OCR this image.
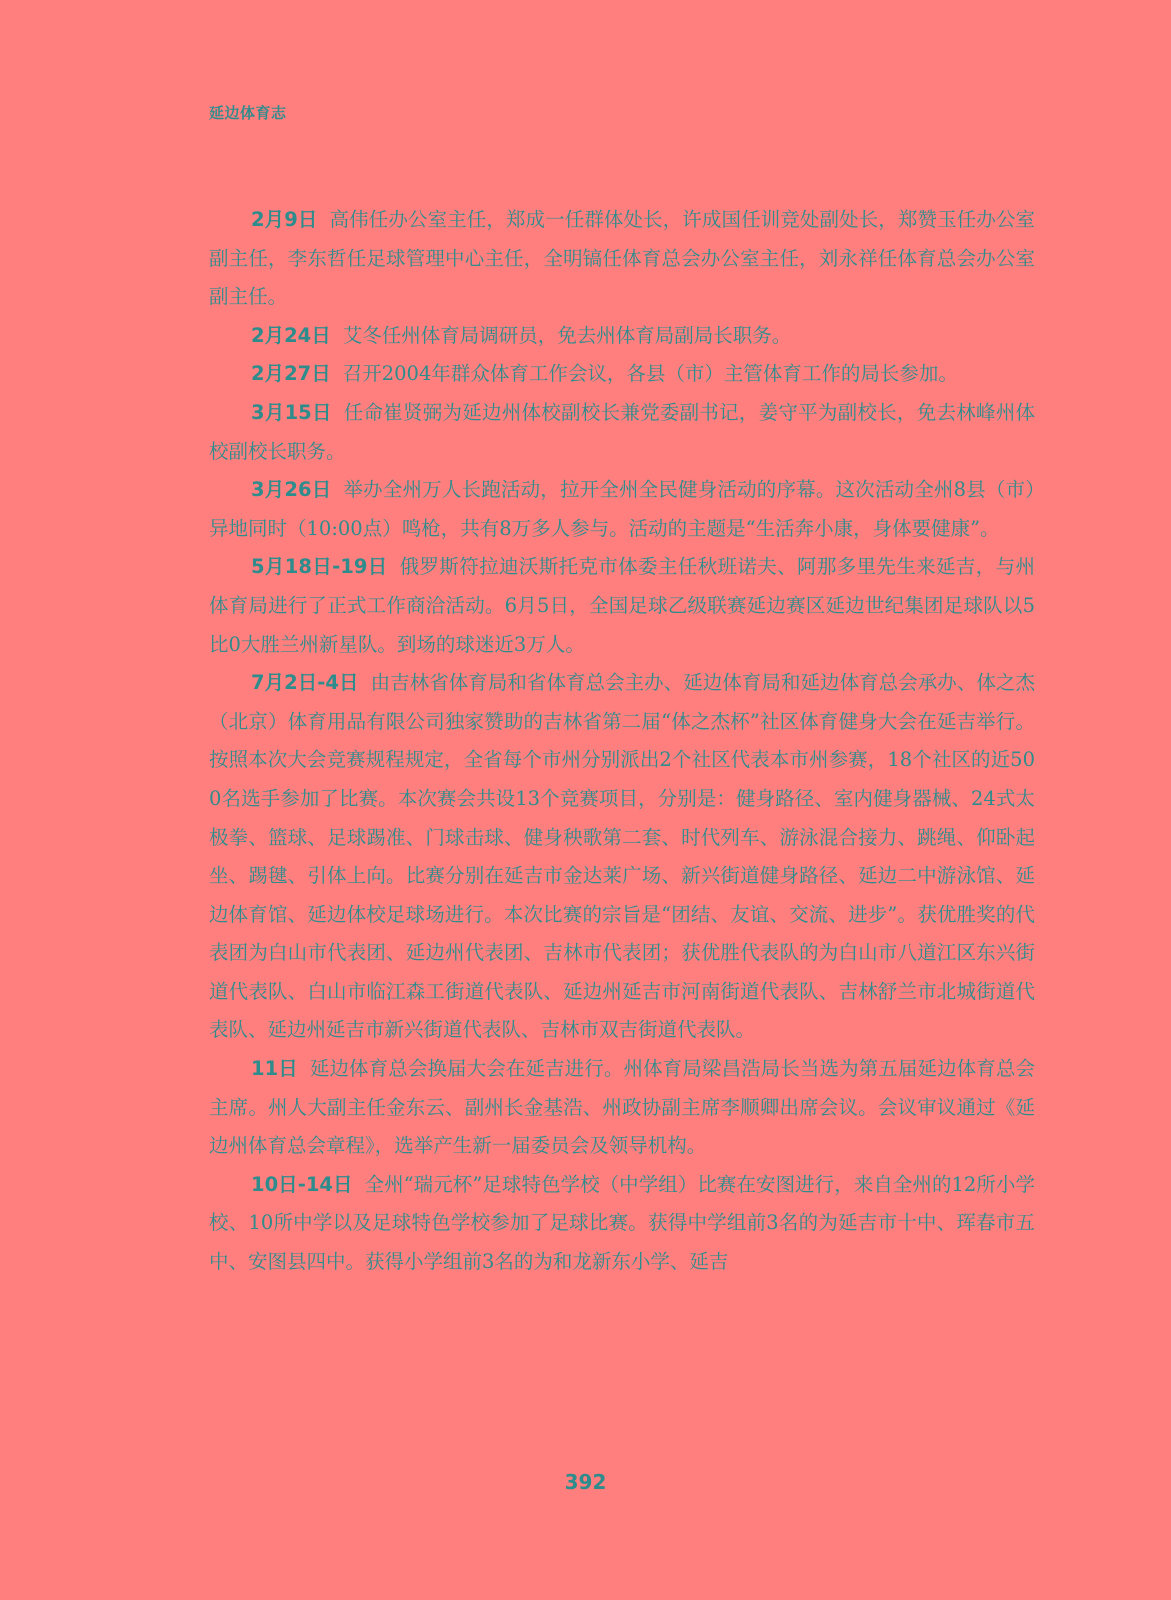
延边体育志

2月9日 高伟任办公室主任，郑成一任群体处长，许成国任训竞处副处长，郑赞玉任办公室副主任，李东哲任足球管理中心主任，全明镐任体育总会办公室主任，刘永祥任体育总会办公室副主任。

2月24日 艾冬任州体育局调研员，免去州体育局副局长职务。

2月27日 召开2004年群众体育工作会议，各县（市）主管体育工作的局长参加。

3月15日 任命崔贤弼为延边州体校副校长兼党委副书记，姜守平为副校长，免去林峰州体校副校长职务。

3月26日 举办全州万人长跑活动，拉开全州全民健身活动的序幕。这次活动全州8县（市）异地同时（10:00点）鸣枪，共有8万多人参与。活动的主题是“生活奔小康，身体要健康”。

5月18日-19日 俄罗斯符拉迪沃斯托克市体委主任秋班诺夫、阿那多里先生来延吉，与州体育局进行了正式工作商洽活动。6月5日，全国足球乙级联赛延边赛区延边世纪集团足球队以5比0大胜兰州新星队。到场的球迷近3万人。

7月2日-4日 由吉林省体育局和省体育总会主办、延边体育局和延边体育总会承办、体之杰（北京）体育用品有限公司独家赞助的吉林省第二届“体之杰杯”社区体育健身大会在延吉举行。按照本次大会竞赛规程规定，全省每个市州分别派出2个社区代表本市州参赛，18个社区的近500名选手参加了比赛。本次赛会共设13个竞赛项目，分别是：健身路径、室内健身器械、24式太极拳、篮球、足球踢准、门球击球、健身秧歌第二套、时代列车、游泳混合接力、跳绳、仰卧起坐、踢毽、引体上向。比赛分别在延吉市金达莱广场、新兴街道健身路径、延边二中游泳馆、延边体育馆、延边体校足球场进行。本次比赛的宗旨是“团结、友谊、交流、进步”。获优胜奖的代表团为白山市代表团、延边州代表团、吉林市代表团；获优胜代表队的为白山市八道江区东兴街道代表队、白山市临江森工街道代表队、延边州延吉市河南街道代表队、吉林舒兰市北城街道代表队、延边州延吉市新兴街道代表队、吉林市双吉街道代表队。

11日 延边体育总会换届大会在延吉进行。州体育局梁昌浩局长当选为第五届延边体育总会主席。州人大副主任金东云、副州长金基浩、州政协副主席李顺卿出席会议。会议审议通过《延边州体育总会章程》，选举产生新一届委员会及领导机构。

10日-14日 全州“瑞元杯”足球特色学校（中学组）比赛在安图进行，来自全州的12所小学校、10所中学以及足球特色学校参加了足球比赛。获得中学组前3名的为延吉市十中、珲春市五中、安图县四中。获得小学组前3名的为和龙新东小学、延吉

392
